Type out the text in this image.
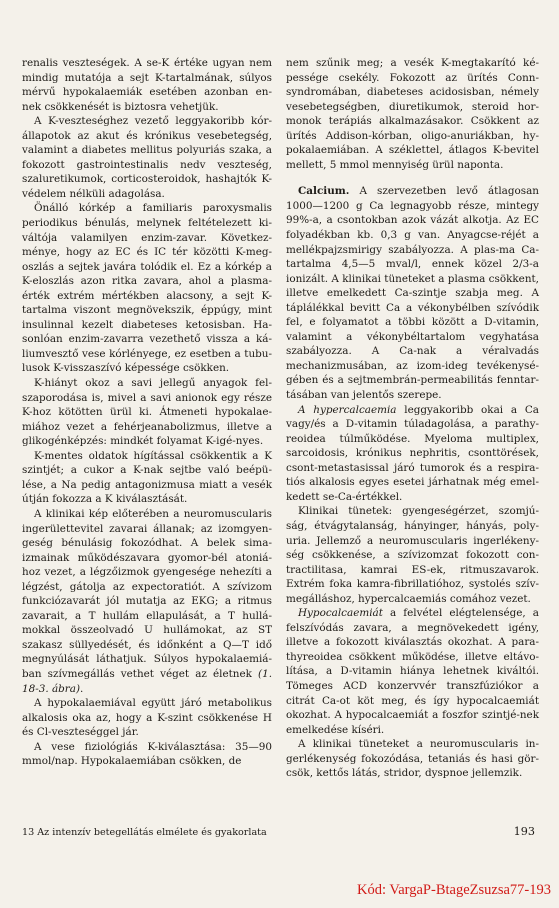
renalis veszteségek. A se-K értéke ugyan nem mindig mutatója a sejt K-tartalmának, súlyos mérvű hypokalaemiák esetében azonban en-nek csökkenését is biztosra vehetjük.

A K-veszteséghez vezető leggyakoribb kór-állapotok az akut és krónikus vesebetegség, valamint a diabetes mellitus polyuriás szaka, a fokozott gastrointestinalis nedv veszteség, szaluretikumok, corticosteroidok, hashajtók K-védelem nélküli adagolása.

Önálló kórkép a familiaris paroxysmalis periodikus bénulás, melynek feltételezett ki-váltója valamilyen enzim-zavar. Következ-ménye, hogy az EC és IC tér közötti K-meg-oszlás a sejtek javára tolódik el. Ez a kórkép a K-eloszlás azon ritka zavara, ahol a plasma-érték extrém mértékben alacsony, a sejt K-tartalma viszont megnövekszik, éppúgy, mint insulinnal kezelt diabeteses ketosisban. Ha-sonlóan enzim-zavarra vezethető vissza a ká-liumvesztő vese kórlényege, ez esetben a tubu-lusok K-visszaszívó képessége csökken.

K-hiányt okoz a savi jellegű anyagok fel-szaporodása is, mivel a savi anionok egy része K-hoz kötötten ürül ki. Átmeneti hypokalae-miához vezet a fehérjeanabolizmus, illetve a glikogénképzés: mindkét folyamat K-igé-nyes.

K-mentes oldatok hígítással csökkentik a K szintjét; a cukor a K-nak sejtbe való beépü-lése, a Na pedig antagonizmusa miatt a vesék útján fokozza a K kiválasztását.

A klinikai kép előterében a neuromuscularis ingerülettevitel zavarai állanak; az izomgyen-geség bénulásig fokozódhat. A belek sima-izmainak működészavara gyomor-bél atoniá-hoz vezet, a légzőizmok gyengesége nehezíti a légzést, gátolja az expectoratiót. A szívizom funkciózavarát jól mutatja az EKG; a ritmus zavarait, a T hullám ellapulását, a T hullá-mokkal összeolvadó U hullámokat, az ST szakasz süllyedését, és időnként a Q—T idő megnyúlását láthatjuk. Súlyos hypokalaemiá-ban szívmegállás vethet véget az életnek (1. 18-3. ábra).

A hypokalaemiával együtt járó metabolikus alkalosis oka az, hogy a K-szint csökkenése H és Cl-veszteséggel jár.

A vese fiziológiás K-kiválasztása: 35—90 mmol/nap. Hypokalaemiában csökken, de

nem szűnik meg; a vesék K-megtakarító ké-pessége csekély. Fokozott az ürítés Conn-syndromában, diabeteses acidosisban, némely vesebetegségben, diuretikumok, steroid hor-monok terápiás alkalmazásakor. Csökkent az ürítés Addison-kórban, oligo-anuriákban, hy-pokalaemiában. A széklettel, átlagos K-bevitel mellett, 5 mmol mennyiség ürül naponta.

Calcium. A szervezetben levő átlagosan 1000—1200 g Ca legnagyobb része, mintegy 99%-a, a csontokban azok vázát alkotja. Az EC folyadékban kb. 0,3 g van. Anyagcse-réjét a mellékpajzsmirigy szabályozza. A plas-ma Ca-tartalma 4,5—5 mval/l, ennek közel 2/3-a ionizált. A klinikai tüneteket a plasma csökkent, illetve emelkedett Ca-szintje szabja meg. A táplálékkal bevitt Ca a vékonybélben szívódik fel, e folyamatot a többi között a D-vitamin, valamint a vékonybéltartalom vegyhatása szabályozza. A Ca-nak a véralvadás mechanizmusában, az izom-ideg tevékenysé-gében és a sejtmembrán-permeabilitás fenntar-tásában van jelentős szerepe.

A hypercalcaemia leggyakoribb okai a Ca vagy/és a D-vitamin túladagolása, a parathy-reoidea túlműködése. Myeloma multiplex, sarcoidosis, krónikus nephritis, csonttörések, csont-metastasissal járó tumorok és a respira-tiós alkalosis egyes esetei járhatnak még emel-kedett se-Ca-értékkel.

Klinikai tünetek: gyengeségérzet, szomjú-ság, étvágytalanság, hányinger, hányás, poly-uria. Jellemző a neuromuscularis ingerlékeny-ség csökkenése, a szívizomzat fokozott con-tractilitasa, kamrai ES-ek, ritmuszavarok. Extrém foka kamra-fibrillatióhoz, systolés szív-megálláshoz, hypercalcaemiás comához vezet.

Hypocalcaemiát a felvétel elégtelensége, a felszívódás zavara, a megnövekedett igény, illetve a fokozott kiválasztás okozhat. A para-thyreoidea csökkent működése, illetve eltávo-lítása, a D-vitamin hiánya lehetnek kiváltói. Tömeges ACD konzervvér transzfúziókor a citrát Ca-ot köt meg, és így hypocalcaemiát okozhat. A hypocalcaemiát a foszfor szintjé-nek emelkedése kíséri.

A klinikai tüneteket a neuromuscularis in-gerlékenység fokozódása, tetaniás és hasi gör-csök, kettős látás, stridor, dyspnoe jellemzik.

13 Az intenzív betegellátás elmélete és gyakorlata	193
Kód: VargaP-BtageZsuzsa77-193
